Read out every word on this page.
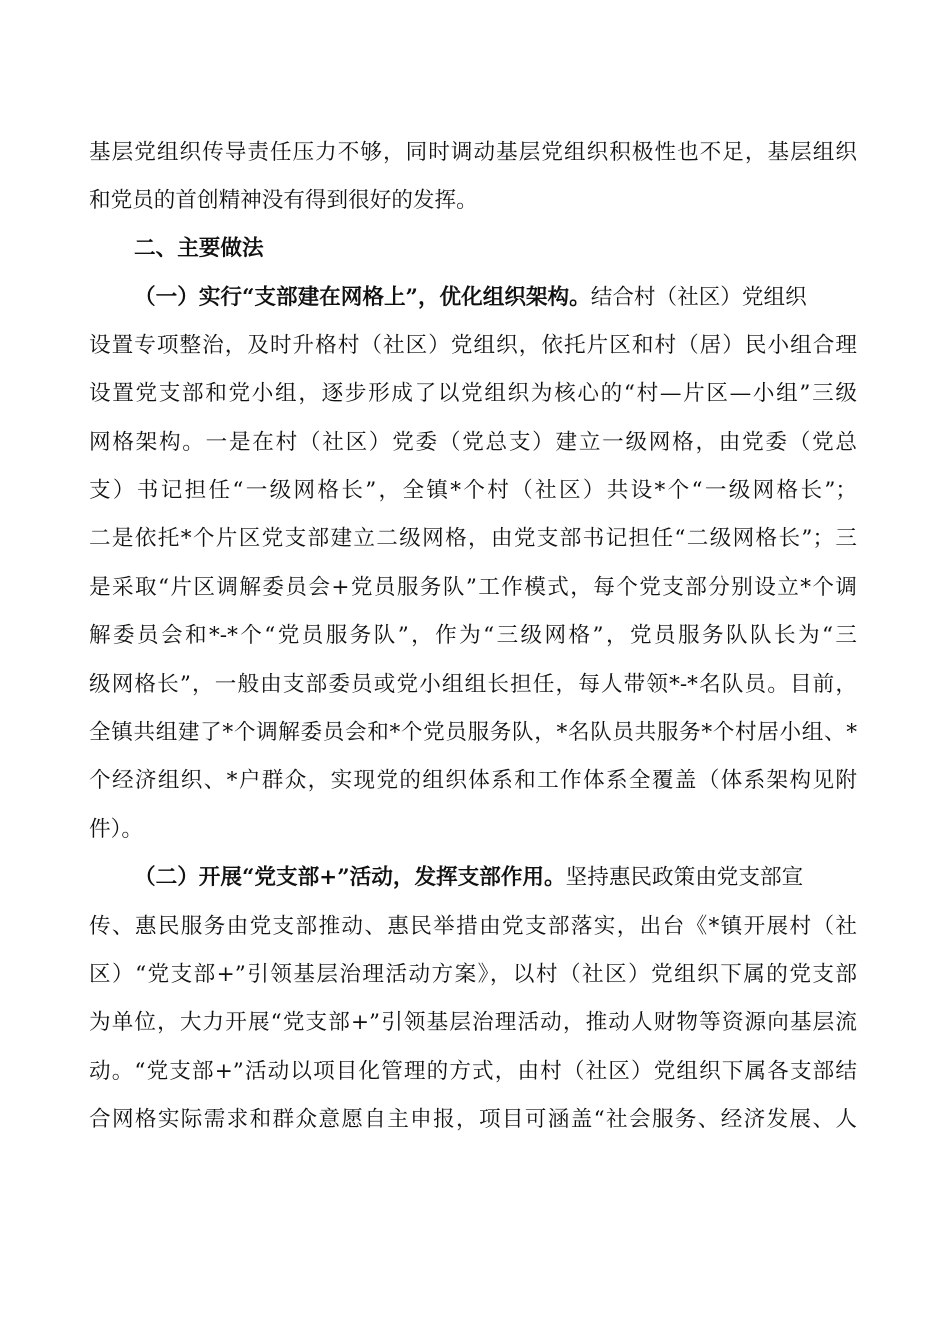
基层党组织传导责任压力不够，同时调动基层党组织积极性也不足，基层组织
和党员的首创精神没有得到很好的发挥。
二、主要做法
（一）实行“支部建在网格上”，优化组织架构。结合村（社区）党组织
设置专项整治，及时升格村（社区）党组织，依托片区和村（居）民小组合理
设置党支部和党小组，逐步形成了以党组织为核心的“村—片区—小组”三级
网格架构。一是在村（社区）党委（党总支）建立一级网格，由党委（党总
支）书记担任“一级网格长”，全镇*个村（社区）共设*个“一级网格长”；
二是依托*个片区党支部建立二级网格，由党支部书记担任“二级网格长”；三
是采取“片区调解委员会+党员服务队”工作模式，每个党支部分别设立*个调
解委员会和*-*个“党员服务队”，作为“三级网格”，党员服务队队长为“三
级网格长”，一般由支部委员或党小组组长担任，每人带领*-*名队员。目前，
全镇共组建了*个调解委员会和*个党员服务队，*名队员共服务*个村居小组、*
个经济组织、*户群众，实现党的组织体系和工作体系全覆盖（体系架构见附
件）。
（二）开展“党支部+”活动，发挥支部作用。坚持惠民政策由党支部宣
传、惠民服务由党支部推动、惠民举措由党支部落实，出台《*镇开展村（社
区）“党支部+”引领基层治理活动方案》，以村（社区）党组织下属的党支部
为单位，大力开展“党支部+”引领基层治理活动，推动人财物等资源向基层流
动。“党支部+”活动以项目化管理的方式，由村（社区）党组织下属各支部结
合网格实际需求和群众意愿自主申报，项目可涵盖“社会服务、经济发展、人
